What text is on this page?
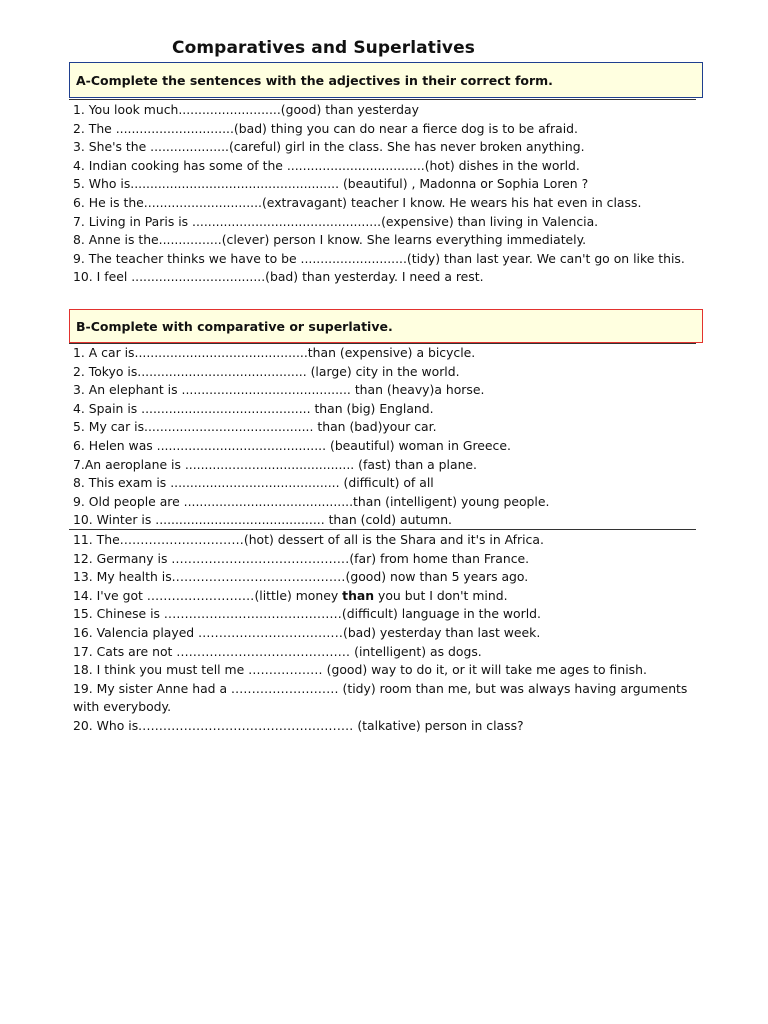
Comparatives and Superlatives
A-Complete the sentences with the adjectives in their correct form.
1. You look much..........................(good) than yesterday
2. The ..............................(bad) thing you can do near a fierce dog is to be afraid.
3. She's the ....................(careful) girl in the class. She has never broken anything.
4. Indian cooking has some of the ...................................(hot) dishes in the world.
5. Who is..................................................... (beautiful) , Madonna or Sophia Loren ?
6. He is the..............................(extravagant) teacher I know. He wears his hat even in class.
7. Living in Paris is ................................................(expensive) than living in Valencia.
8. Anne is the................(clever) person I know. She learns everything immediately.
9. The teacher thinks we have to be ...........................(tidy) than last year. We can't go on like this.
10. I feel ..................................(bad) than yesterday. I need a rest.
B-Complete with comparative or superlative.
1. A car is............................................than (expensive) a bicycle.
2. Tokyo is........................................... (large) city in the world.
3. An elephant is ........................................... than (heavy)a horse.
4. Spain is ........................................... than (big) England.
5. My car is........................................... than (bad)your car.
6. Helen was ........................................... (beautiful) woman in Greece.
7.An aeroplane is ........................................... (fast) than a plane.
8. This exam is ........................................... (difficult) of all
9. Old people are ...........................................than (intelligent) young people.
10. Winter is ........................................... than (cold) autumn.
11. The..............................(hot) dessert of all is the Shara and it's in Africa.
12. Germany is ...........................................(far) from home than France.
13. My health is..........................................(good) now than 5 years ago.
14. I've got ..........................(little) money than you but I don't mind.
15. Chinese is ...........................................(difficult) language in the world.
16. Valencia played ...................................(bad) yesterday than last week.
17. Cats are not .......................................... (intelligent) as dogs.
18. I think you must tell me .................. (good) way to do it, or it will take me ages to finish.
19. My sister Anne had a .......................... (tidy) room than me, but was always having arguments with everybody.
20. Who is.................................................... (talkative) person in class?
